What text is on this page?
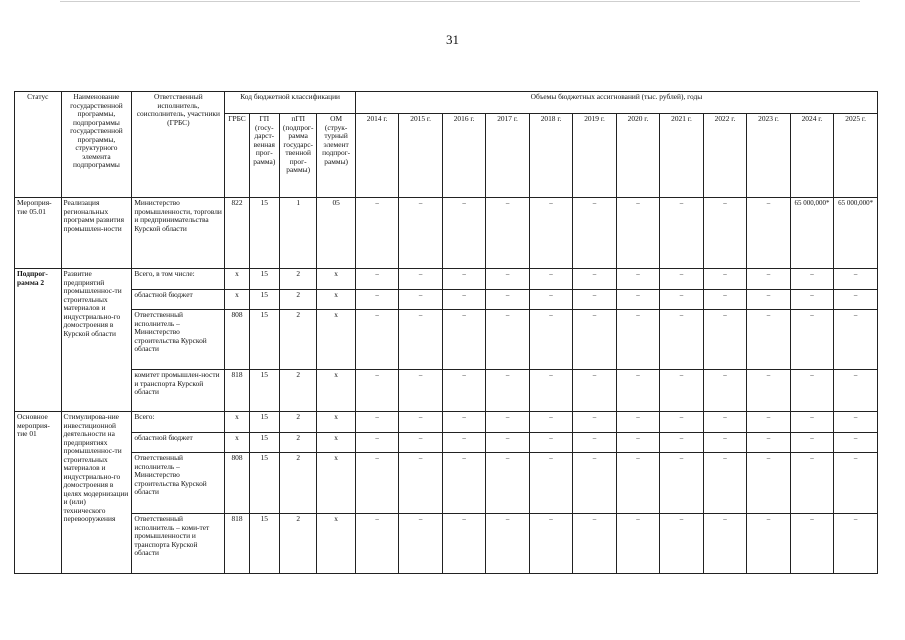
31
Статус	Наименование государственной программы, подпрограммы государственной программы, структурного элемента подпрограммы	Ответственный исполнитель, соисполнитель, участники (ГРБС)	Код бюджетной классификации				Объемы бюджетных ассигнований (тыс. рублей), годы											
			ГРБС	ГП (госу-дарст-венная прог-рамма)	пГП (подпрог-рамма государс-твенной прог-раммы)	ОМ (струк-турный элемент подпрог-раммы)	2014 г.	2015 г.	2016 г.	2017 г.	2018 г.	2019 г.	2020 г.	2021 г.	2022 г.	2023 г.	2024 г.	2025 г.
Мероприя-тие 05.01	Реализация региональных программ развития промышлен-ности	Министерство промышленности, торговли и предпринимательства Курской области	822	15	1	05	–	–	–	–	–	–	–	–	–	–	65 000,000*	65 000,000*
Подпрог-рамма 2	Развитие предприятий промышленнос-ти строительных материалов и индустриально-го домостроения в Курской области	Всего, в том числе:	х	15	2	х	–	–	–	–	–	–	–	–	–	–	–	–
		областной бюджет	х	15	2	х	–	–	–	–	–	–	–	–	–	–	–	–
		Ответственный исполнитель – Министерство строительства Курской области	808	15	2	х	–	–	–	–	–	–	–	–	–	–	–	–
		комитет промышлен-ности и транспорта Курской области	818	15	2	х	–	–	–	–	–	–	–	–	–	–	–	–
Основное мероприя-тие 01	Стимулирова-ние инвестиционной деятельности на предприятиях промышленнос-ти строительных материалов и индустриально-го домостроения в целях модернизации и (или) технического перевооружения	Всего:	х	15	2	х	–	–	–	–	–	–	–	–	–	–	–	–
		областной бюджет	х	15	2	х	–	–	–	–	–	–	–	–	–	–	–	–
		Ответственный исполнитель – Министерство строительства Курской области	808	15	2	х	–	–	–	–	–	–	–	–	–	–	–	–
		Ответственный исполнитель – коми-тет промышленности и транспорта Курской области	818	15	2	х	–	–	–	–	–	–	–	–	–	–	–	–
